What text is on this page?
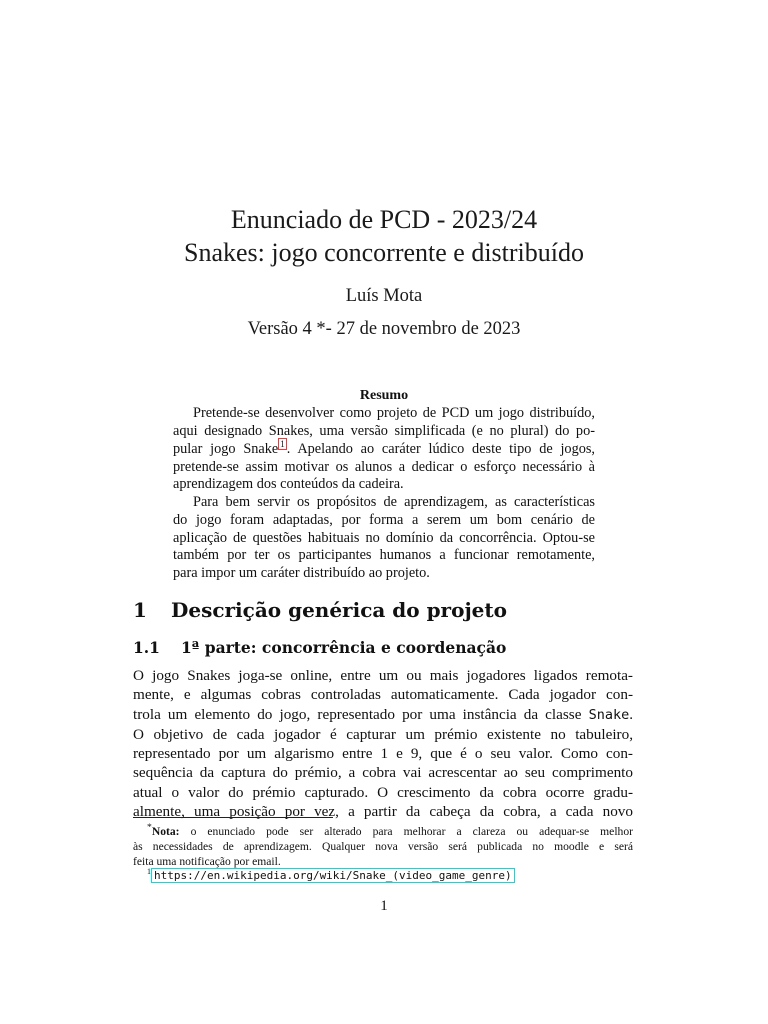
Enunciado de PCD - 2023/24
Snakes: jogo concorrente e distribuído
Luís Mota
Versão 4 *- 27 de novembro de 2023
Resumo
Pretende-se desenvolver como projeto de PCD um jogo distribuído,
aqui designado Snakes, uma versão simplificada (e no plural) do po-
pular jogo Snake $^1$ . Apelando ao caráter lúdico deste tipo de jogos,
pretende-se assim motivar os alunos a dedicar o esforço necessário à
aprendizagem dos conteúdos da cadeira.
Para bem servir os propósitos de aprendizagem, as características
do jogo foram adaptadas, por forma a serem um bom cenário de
aplicação de questões habituais no domínio da concorrência. Optou-se
também por ter os participantes humanos a funcionar remotamente,
para impor um caráter distribuído ao projeto.
1 Descrição genérica do projeto
1.1 1ª parte: concorrência e coordenação
O jogo Snakes joga-se online, entre um ou mais jogadores ligados remota-
mente, e algumas cobras controladas automaticamente. Cada jogador con-
trola um elemento do jogo, representado por uma instância da classe Snake.
O objetivo de cada jogador é capturar um prémio existente no tabuleiro,
representado por um algarismo entre 1 e 9, que é o seu valor. Como con-
sequência da captura do prémio, a cobra vai acrescentar ao seu comprimento
atual o valor do prémio capturado. O crescimento da cobra ocorre gradu-
almente, uma posição por vez, a partir da cabeça da cobra, a cada novo
*Nota: o enunciado pode ser alterado para melhorar a clareza ou adequar-se melhor
às necessidades de aprendizagem. Qualquer nova versão será publicada no moodle e será
feita uma notificação por email.
$^1$ https://en.wikipedia.org/wiki/Snake_(video_game_genre)
1
